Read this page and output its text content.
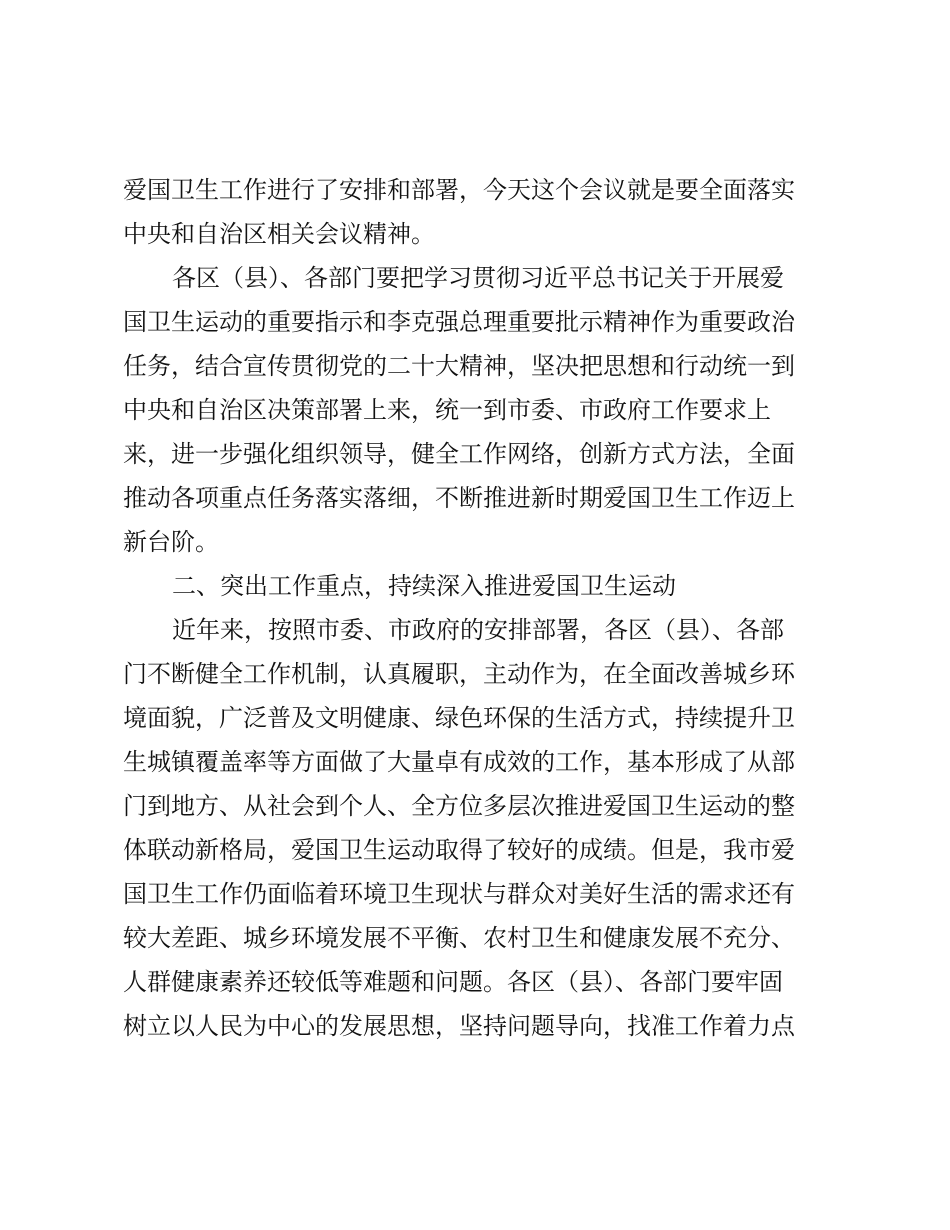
爱国卫生工作进行了安排和部署，今天这个会议就是要全面落实
中央和自治区相关会议精神。
各区（县）、各部门要把学习贯彻习近平总书记关于开展爱
国卫生运动的重要指示和李克强总理重要批示精神作为重要政治
任务，结合宣传贯彻党的二十大精神，坚决把思想和行动统一到
中央和自治区决策部署上来，统一到市委、市政府工作要求上
来，进一步强化组织领导，健全工作网络，创新方式方法，全面
推动各项重点任务落实落细，不断推进新时期爱国卫生工作迈上
新台阶。
二、突出工作重点，持续深入推进爱国卫生运动
近年来，按照市委、市政府的安排部署，各区（县）、各部
门不断健全工作机制，认真履职，主动作为，在全面改善城乡环
境面貌，广泛普及文明健康、绿色环保的生活方式，持续提升卫
生城镇覆盖率等方面做了大量卓有成效的工作，基本形成了从部
门到地方、从社会到个人、全方位多层次推进爱国卫生运动的整
体联动新格局，爱国卫生运动取得了较好的成绩。但是，我市爱
国卫生工作仍面临着环境卫生现状与群众对美好生活的需求还有
较大差距、城乡环境发展不平衡、农村卫生和健康发展不充分、
人群健康素养还较低等难题和问题。各区（县）、各部门要牢固
树立以人民为中心的发展思想，坚持问题导向，找准工作着力点
